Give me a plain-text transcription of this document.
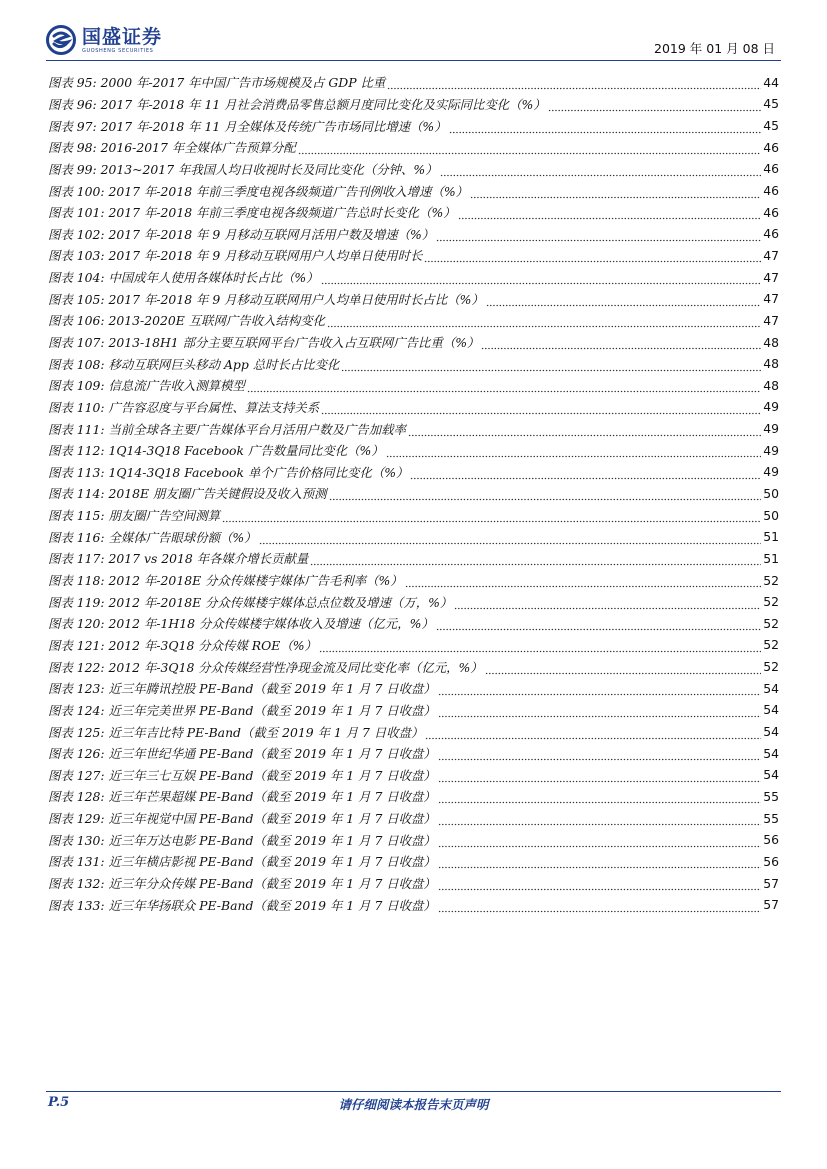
国盛证券
GUOSHENG SECURITIES	2019 年 01 月 08 日
图表 95: 2000 年-2017 年中国广告市场规模及占 GDP 比重	44
图表 96: 2017 年-2018 年 11 月社会消费品零售总额月度同比变化及实际同比变化（%）	45
图表 97: 2017 年-2018 年 11 月全媒体及传统广告市场同比增速（%）	45
图表 98: 2016-2017 年全媒体广告预算分配	46
图表 99: 2013~2017 年我国人均日收视时长及同比变化（分钟、%）	46
图表 100: 2017 年-2018 年前三季度电视各级频道广告刊例收入增速（%）	46
图表 101: 2017 年-2018 年前三季度电视各级频道广告总时长变化（%）	46
图表 102: 2017 年-2018 年 9 月移动互联网月活用户数及增速（%）	46
图表 103: 2017 年-2018 年 9 月移动互联网用户人均单日使用时长	47
图表 104: 中国成年人使用各媒体时长占比（%）	47
图表 105: 2017 年-2018 年 9 月移动互联网用户人均单日使用时长占比（%）	47
图表 106: 2013-2020E 互联网广告收入结构变化	47
图表 107: 2013-18H1 部分主要互联网平台广告收入占互联网广告比重（%）	48
图表 108: 移动互联网巨头移动 App 总时长占比变化	48
图表 109: 信息流广告收入测算模型	48
图表 110: 广告容忍度与平台属性、算法支持关系	49
图表 111: 当前全球各主要广告媒体平台月活用户数及广告加载率	49
图表 112: 1Q14-3Q18 Facebook 广告数量同比变化（%）	49
图表 113: 1Q14-3Q18 Facebook 单个广告价格同比变化（%）	49
图表 114: 2018E 朋友圈广告关键假设及收入预测	50
图表 115: 朋友圈广告空间测算	50
图表 116: 全媒体广告眼球份额（%）	51
图表 117: 2017 vs 2018 年各媒介增长贡献量	51
图表 118: 2012 年-2018E 分众传媒楼宇媒体广告毛利率（%）	52
图表 119: 2012 年-2018E 分众传媒楼宇媒体总点位数及增速（万，%）	52
图表 120: 2012 年-1H18 分众传媒楼宇媒体收入及增速（亿元，%）	52
图表 121: 2012 年-3Q18 分众传媒 ROE（%）	52
图表 122: 2012 年-3Q18 分众传媒经营性净现金流及同比变化率（亿元，%）	52
图表 123: 近三年腾讯控股 PE-Band（截至 2019 年 1 月 7 日收盘）	54
图表 124: 近三年完美世界 PE-Band（截至 2019 年 1 月 7 日收盘）	54
图表 125: 近三年吉比特 PE-Band（截至 2019 年 1 月 7 日收盘）	54
图表 126: 近三年世纪华通 PE-Band（截至 2019 年 1 月 7 日收盘）	54
图表 127: 近三年三七互娱 PE-Band（截至 2019 年 1 月 7 日收盘）	54
图表 128: 近三年芒果超媒 PE-Band（截至 2019 年 1 月 7 日收盘）	55
图表 129: 近三年视觉中国 PE-Band（截至 2019 年 1 月 7 日收盘）	55
图表 130: 近三年万达电影 PE-Band（截至 2019 年 1 月 7 日收盘）	56
图表 131: 近三年横店影视 PE-Band（截至 2019 年 1 月 7 日收盘）	56
图表 132: 近三年分众传媒 PE-Band（截至 2019 年 1 月 7 日收盘）	57
图表 133: 近三年华扬联众 PE-Band（截至 2019 年 1 月 7 日收盘）	57
P.5	请仔细阅读本报告末页声明
